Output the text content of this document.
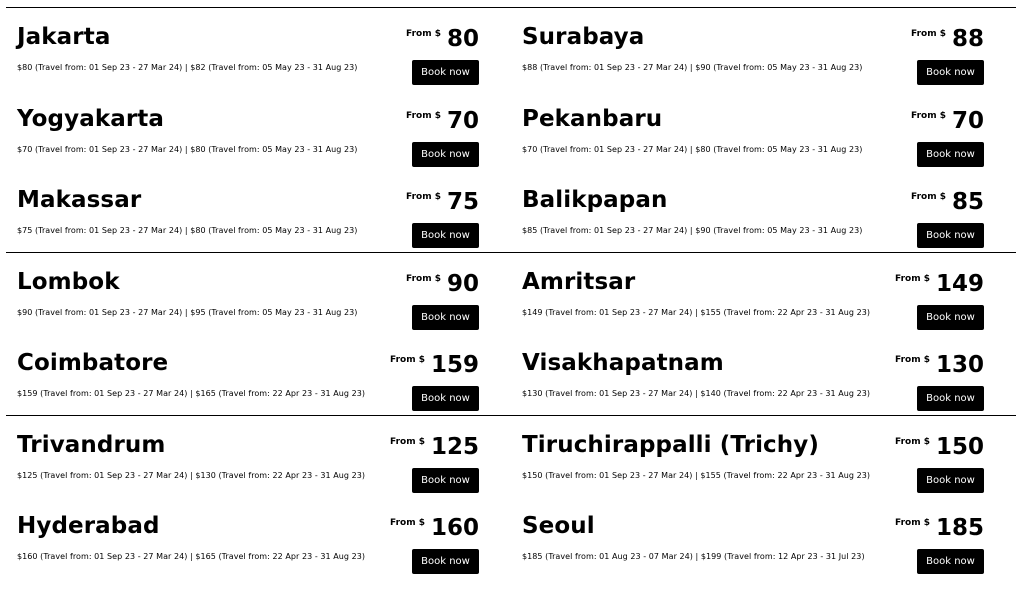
Jakarta	From $ 80
$80 (Travel from: 01 Sep 23 - 27 Mar 24) | $82 (Travel from: 05 May 23 - 31 Aug 23)	Book now
Surabaya	From $ 88
$88 (Travel from: 01 Sep 23 - 27 Mar 24) | $90 (Travel from: 05 May 23 - 31 Aug 23)	Book now
Yogyakarta	From $ 70
$70 (Travel from: 01 Sep 23 - 27 Mar 24) | $80 (Travel from: 05 May 23 - 31 Aug 23)	Book now
Pekanbaru	From $ 70
$70 (Travel from: 01 Sep 23 - 27 Mar 24) | $80 (Travel from: 05 May 23 - 31 Aug 23)	Book now
Makassar	From $ 75
$75 (Travel from: 01 Sep 23 - 27 Mar 24) | $80 (Travel from: 05 May 23 - 31 Aug 23)	Book now
Balikpapan	From $ 85
$85 (Travel from: 01 Sep 23 - 27 Mar 24) | $90 (Travel from: 05 May 23 - 31 Aug 23)	Book now
Lombok	From $ 90
$90 (Travel from: 01 Sep 23 - 27 Mar 24) | $95 (Travel from: 05 May 23 - 31 Aug 23)	Book now
Amritsar	From $ 149
$149 (Travel from: 01 Sep 23 - 27 Mar 24) | $155 (Travel from: 22 Apr 23 - 31 Aug 23)	Book now
Coimbatore	From $ 159
$159 (Travel from: 01 Sep 23 - 27 Mar 24) | $165 (Travel from: 22 Apr 23 - 31 Aug 23)	Book now
Visakhapatnam	From $ 130
$130 (Travel from: 01 Sep 23 - 27 Mar 24) | $140 (Travel from: 22 Apr 23 - 31 Aug 23)	Book now
Trivandrum	From $ 125
$125 (Travel from: 01 Sep 23 - 27 Mar 24) | $130 (Travel from: 22 Apr 23 - 31 Aug 23)	Book now
Tiruchirappalli (Trichy)	From $ 150
$150 (Travel from: 01 Sep 23 - 27 Mar 24) | $155 (Travel from: 22 Apr 23 - 31 Aug 23)	Book now
Hyderabad	From $ 160
$160 (Travel from: 01 Sep 23 - 27 Mar 24) | $165 (Travel from: 22 Apr 23 - 31 Aug 23)	Book now
Seoul	From $ 185
$185 (Travel from: 01 Aug 23 - 07 Mar 24) | $199 (Travel from: 12 Apr 23 - 31 Jul 23)	Book now
